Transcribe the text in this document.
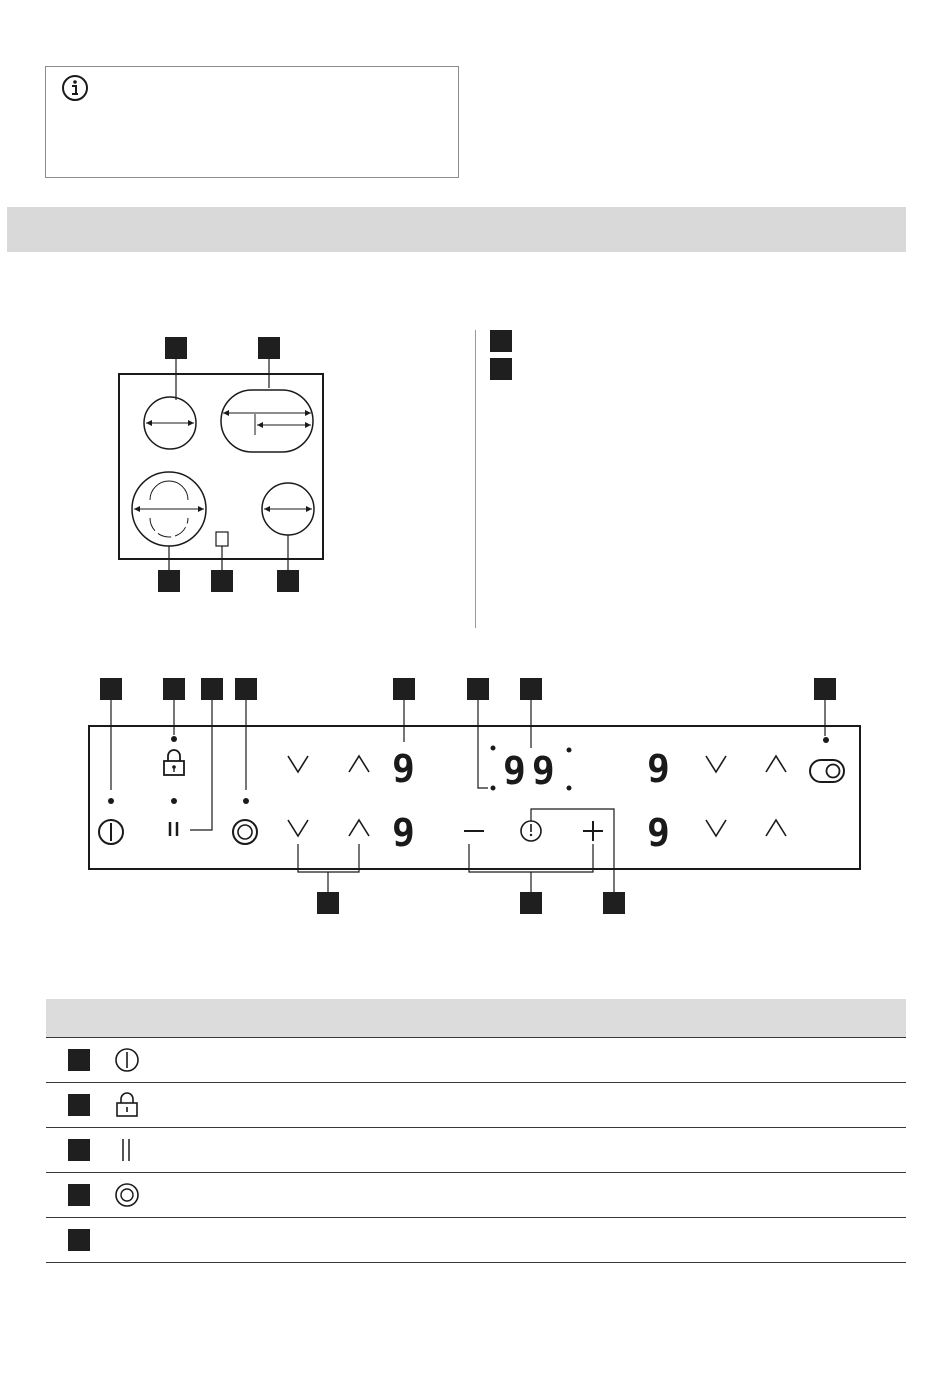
9
9
99 9
9
